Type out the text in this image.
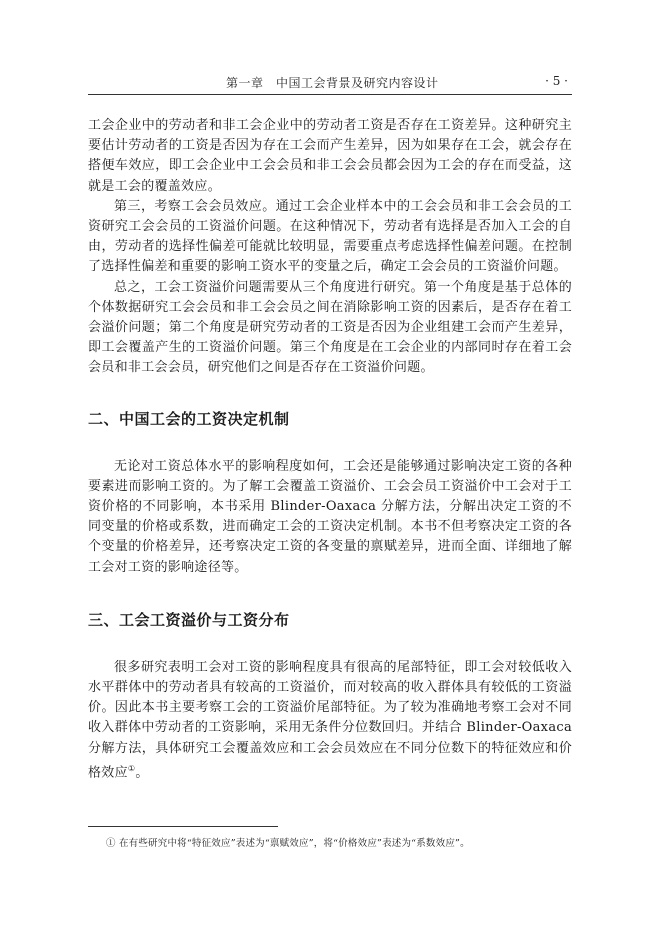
第一章　中国工会背景及研究内容设计	· 5 ·

工会企业中的劳动者和非工会企业中的劳动者工资是否存在工资差异。这种研究主要估计劳动者的工资是否因为存在工会而产生差异，因为如果存在工会，就会存在搭便车效应，即工会企业中工会会员和非工会会员都会因为工会的存在而受益，这就是工会的覆盖效应。

第三，考察工会会员效应。通过工会企业样本中的工会会员和非工会会员的工资研究工会会员的工资溢价问题。在这种情况下，劳动者有选择是否加入工会的自由，劳动者的选择性偏差可能就比较明显，需要重点考虑选择性偏差问题。在控制了选择性偏差和重要的影响工资水平的变量之后，确定工会会员的工资溢价问题。

总之，工会工资溢价问题需要从三个角度进行研究。第一个角度是基于总体的个体数据研究工会会员和非工会会员之间在消除影响工资的因素后，是否存在着工会溢价问题；第二个角度是研究劳动者的工资是否因为企业组建工会而产生差异，即工会覆盖产生的工资溢价问题。第三个角度是在工会企业的内部同时存在着工会会员和非工会会员，研究他们之间是否存在工资溢价问题。

二、中国工会的工资决定机制

无论对工资总体水平的影响程度如何，工会还是能够通过影响决定工资的各种要素进而影响工资的。为了解工会覆盖工资溢价、工会会员工资溢价中工会对于工资价格的不同影响，本书采用 Blinder-Oaxaca 分解方法，分解出决定工资的不同变量的价格或系数，进而确定工会的工资决定机制。本书不但考察决定工资的各个变量的价格差异，还考察决定工资的各变量的禀赋差异，进而全面、详细地了解工会对工资的影响途径等。

三、工会工资溢价与工资分布

很多研究表明工会对工资的影响程度具有很高的尾部特征，即工会对较低收入水平群体中的劳动者具有较高的工资溢价，而对较高的收入群体具有较低的工资溢价。因此本书主要考察工会的工资溢价尾部特征。为了较为准确地考察工会对不同收入群体中劳动者的工资影响，采用无条件分位数回归。并结合 Blinder-Oaxaca 分解方法，具体研究工会覆盖效应和工会会员效应在不同分位数下的特征效应和价格效应①。

① 在有些研究中将“特征效应”表述为“禀赋效应”，将“价格效应”表述为“系数效应”。
